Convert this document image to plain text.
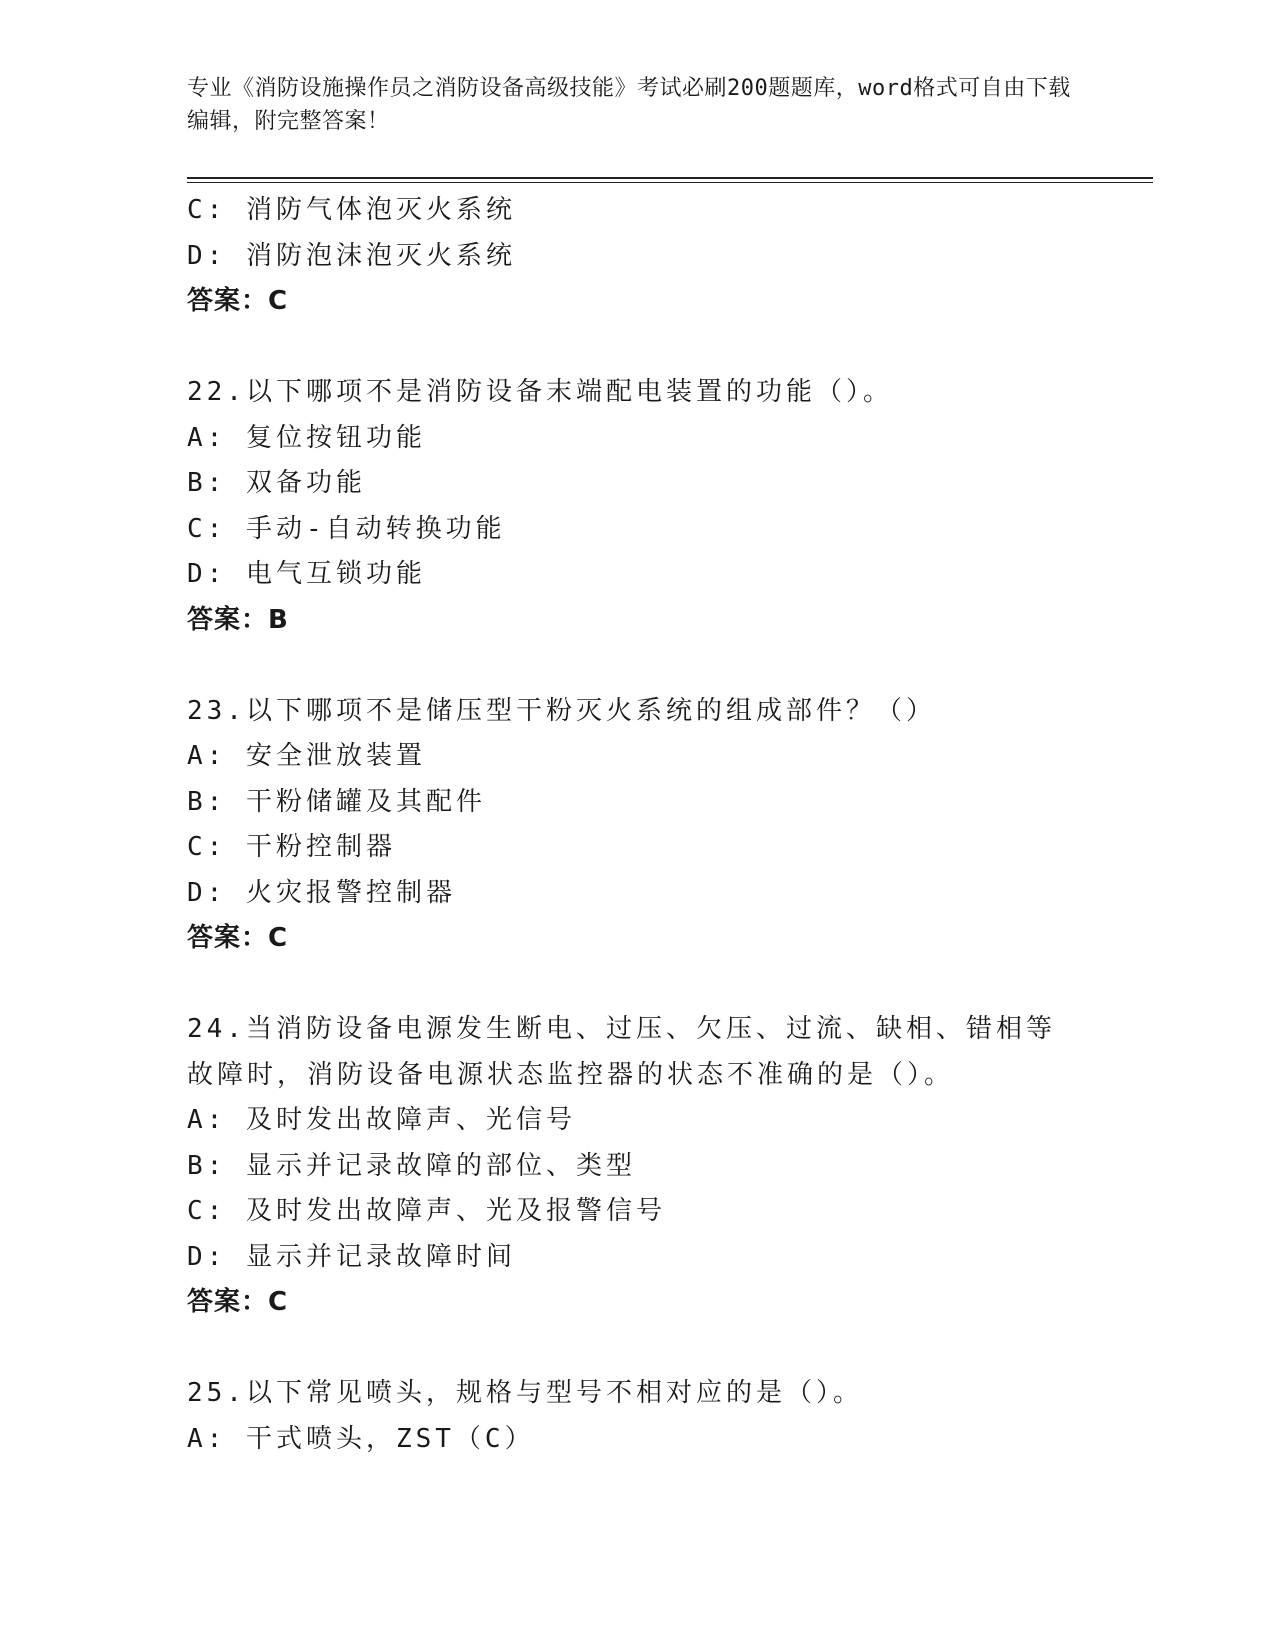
专业《消防设施操作员之消防设备高级技能》考试必刷200题题库，word格式可自由下载编辑，附完整答案！
C: 消防气体泡灭火系统
D: 消防泡沫泡灭火系统
答案：C
22.以下哪项不是消防设备末端配电装置的功能（）。
A: 复位按钮功能
B: 双备功能
C: 手动-自动转换功能
D: 电气互锁功能
答案：B
23.以下哪项不是储压型干粉灭火系统的组成部件？（）
A: 安全泄放装置
B: 干粉储罐及其配件
C: 干粉控制器
D: 火灾报警控制器
答案：C
24.当消防设备电源发生断电、过压、欠压、过流、缺相、错相等故障时，消防设备电源状态监控器的状态不准确的是（）。
A: 及时发出故障声、光信号
B: 显示并记录故障的部位、类型
C: 及时发出故障声、光及报警信号
D: 显示并记录故障时间
答案：C
25.以下常见喷头，规格与型号不相对应的是（）。
A: 干式喷头，ZST（C）
